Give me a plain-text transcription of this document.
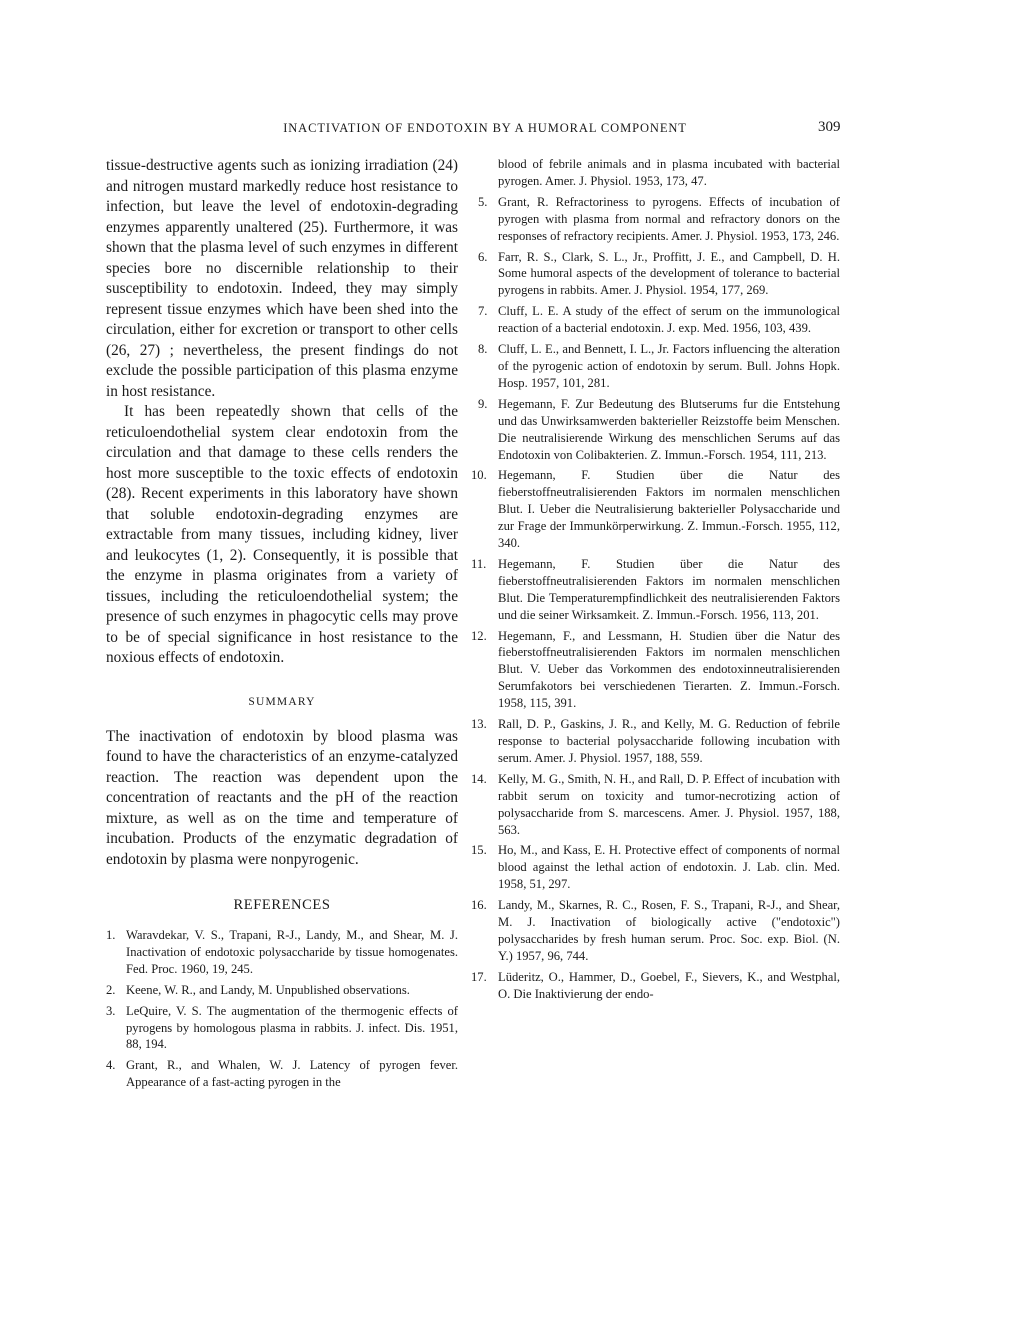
INACTIVATION OF ENDOTOXIN BY A HUMORAL COMPONENT	309

tissue-destructive agents such as ionizing irradiation (24) and nitrogen mustard markedly reduce host resistance to infection, but leave the level of endotoxin-degrading enzymes apparently unaltered (25). Furthermore, it was shown that the plasma level of such enzymes in different species bore no discernible relationship to their susceptibility to endotoxin. Indeed, they may simply represent tissue enzymes which have been shed into the circulation, either for excretion or transport to other cells (26, 27) ; nevertheless, the present findings do not exclude the possible participation of this plasma enzyme in host resistance.

It has been repeatedly shown that cells of the reticuloendothelial system clear endotoxin from the circulation and that damage to these cells renders the host more susceptible to the toxic effects of endotoxin (28). Recent experiments in this laboratory have shown that soluble endotoxin-degrading enzymes are extractable from many tissues, including kidney, liver and leukocytes (1, 2). Consequently, it is possible that the enzyme in plasma originates from a variety of tissues, including the reticuloendothelial system; the presence of such enzymes in phagocytic cells may prove to be of special significance in host resistance to the noxious effects of endotoxin.

SUMMARY

The inactivation of endotoxin by blood plasma was found to have the characteristics of an enzyme-catalyzed reaction. The reaction was dependent upon the concentration of reactants and the pH of the reaction mixture, as well as on the time and temperature of incubation. Products of the enzymatic degradation of endotoxin by plasma were nonpyrogenic.

REFERENCES
1. Waravdekar, V. S., Trapani, R-J., Landy, M., and Shear, M. J. Inactivation of endotoxic polysaccharide by tissue homogenates. Fed. Proc. 1960, 19, 245.
2. Keene, W. R., and Landy, M. Unpublished observations.
3. LeQuire, V. S. The augmentation of the thermogenic effects of pyrogens by homologous plasma in rabbits. J. infect. Dis. 1951, 88, 194.
4. Grant, R., and Whalen, W. J. Latency of pyrogen fever. Appearance of a fast-acting pyrogen in the
blood of febrile animals and in plasma incubated with bacterial pyrogen. Amer. J. Physiol. 1953, 173, 47.
5. Grant, R. Refractoriness to pyrogens. Effects of incubation of pyrogen with plasma from normal and refractory donors on the responses of refractory recipients. Amer. J. Physiol. 1953, 173, 246.
6. Farr, R. S., Clark, S. L., Jr., Proffitt, J. E., and Campbell, D. H. Some humoral aspects of the development of tolerance to bacterial pyrogens in rabbits. Amer. J. Physiol. 1954, 177, 269.
7. Cluff, L. E. A study of the effect of serum on the immunological reaction of a bacterial endotoxin. J. exp. Med. 1956, 103, 439.
8. Cluff, L. E., and Bennett, I. L., Jr. Factors influencing the alteration of the pyrogenic action of endotoxin by serum. Bull. Johns Hopk. Hosp. 1957, 101, 281.
9. Hegemann, F. Zur Bedeutung des Blutserums fur die Entstehung und das Unwirksamwerden bakterieller Reizstoffe beim Menschen. Die neutralisierende Wirkung des menschlichen Serums auf das Endotoxin von Colibakterien. Z. Immun.-Forsch. 1954, 111, 213.
10. Hegemann, F. Studien über die Natur des fieberstoffneutralisierenden Faktors im normalen menschlichen Blut. I. Ueber die Neutralisierung bakterieller Polysaccharide und zur Frage der Immunkörperwirkung. Z. Immun.-Forsch. 1955, 112, 340.
11. Hegemann, F. Studien über die Natur des fieberstoffneutralisierenden Faktors im normalen menschlichen Blut. Die Temperaturempfindlichkeit des neutralisierenden Faktors und die seiner Wirksamkeit. Z. Immun.-Forsch. 1956, 113, 201.
12. Hegemann, F., and Lessmann, H. Studien über die Natur des fieberstoffneutralisierenden Faktors im normalen menschlichen Blut. V. Ueber das Vorkommen des endotoxinneutralisierenden Serumfakotors bei verschiedenen Tierarten. Z. Immun.-Forsch. 1958, 115, 391.
13. Rall, D. P., Gaskins, J. R., and Kelly, M. G. Reduction of febrile response to bacterial polysaccharide following incubation with serum. Amer. J. Physiol. 1957, 188, 559.
14. Kelly, M. G., Smith, N. H., and Rall, D. P. Effect of incubation with rabbit serum on toxicity and tumor-necrotizing action of polysaccharide from S. marcescens. Amer. J. Physiol. 1957, 188, 563.
15. Ho, M., and Kass, E. H. Protective effect of components of normal blood against the lethal action of endotoxin. J. Lab. clin. Med. 1958, 51, 297.
16. Landy, M., Skarnes, R. C., Rosen, F. S., Trapani, R-J., and Shear, M. J. Inactivation of biologically active ("endotoxic") polysaccharides by fresh human serum. Proc. Soc. exp. Biol. (N. Y.) 1957, 96, 744.
17. Lüderitz, O., Hammer, D., Goebel, F., Sievers, K., and Westphal, O. Die Inaktivierung der endo-
